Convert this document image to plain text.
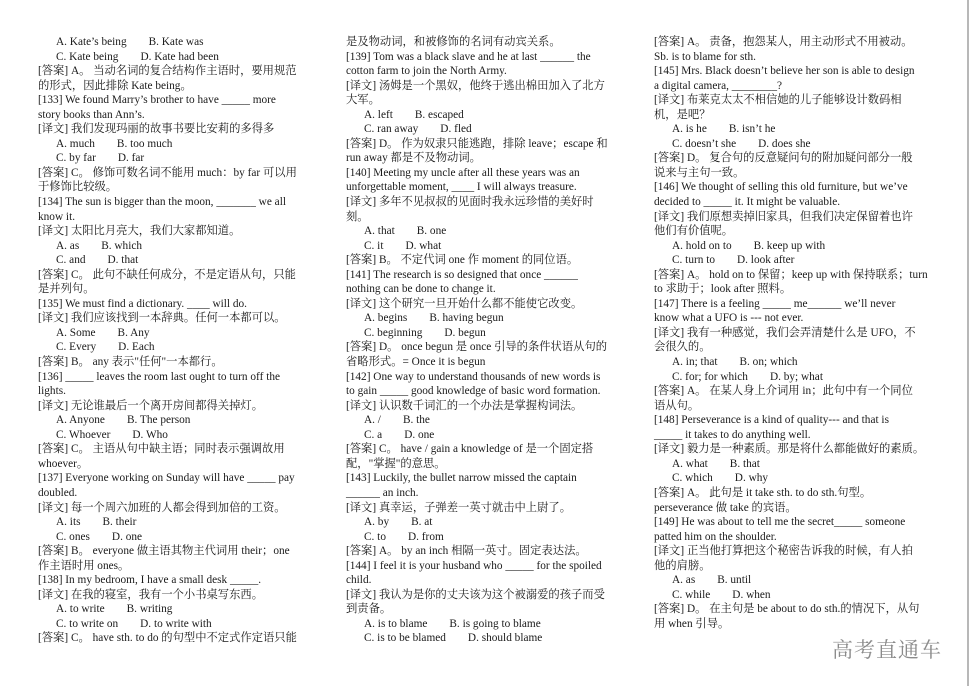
A. Kate’s being B. Kate was
C. Kate being D. Kate had been
[答案] A。 当动名词的复合结构作主语时，要用规范
的形式，因此排除 Kate being。
[133] We found Marry’s brother to have _____ more
story books than Ann’s.
[译文] 我们发现玛丽的故事书要比安莉的多得多
A. much B. too much
C. by far D. far
[答案] C。 修饰可数名词不能用 much：by far 可以用
于修饰比较级。
[134] The sun is bigger than the moon, _______ we all
know it.
[译文] 太阳比月亮大，我们大家都知道。
A. as B. which
C. and D. that
[答案] C。 此句不缺任何成分，不是定语从句，只能
是并列句。
[135] We must find a dictionary. ____ will do.
[译文] 我们应该找到一本辞典。任何一本都可以。
A. Some B. Any
C. Every D. Each
[答案] B。 any 表示"任何"一本都行。
[136] _____ leaves the room last ought to turn off the
lights.
[译文] 无论谁最后一个离开房间都得关掉灯。
A. Anyone B. The person
C. Whoever D. Who
[答案] C。 主语从句中缺主语；同时表示强调故用
whoever。
[137] Everyone working on Sunday will have _____ pay
doubled.
[译文] 每一个周六加班的人都会得到加倍的工资。
A. its B. their
C. ones D. one
[答案] B。 everyone 做主语其物主代词用 their；one
作主语时用 ones。
[138] In my bedroom, I have a small desk _____.
[译文] 在我的寝室，我有一个小书桌写东西。
A. to write B. writing
C. to write on D. to write with
[答案] C。 have sth. to do 的句型中不定式作定语只能
是及物动词，和被修饰的名词有动宾关系。
[139] Tom was a black slave and he at last ______ the
cotton farm to join the North Army.
[译文] 汤姆是一个黑奴，他终于逃出棉田加入了北方
大军。
A. left B. escaped
C. ran away D. fled
[答案] D。 作为奴隶只能逃跑，排除 leave；escape 和
run away 都是不及物动词。
[140] Meeting my uncle after all these years was an
unforgettable moment, ____ I will always treasure.
[译文] 多年不见叔叔的见面时我永远珍惜的美好时
刻。
A. that B. one
C. it D. what
[答案] B。 不定代词 one 作 moment 的同位语。
[141] The research is so designed that once ______
nothing can be done to change it.
[译文] 这个研究一旦开始什么都不能使它改变。
A. begins B. having begun
C. beginning D. begun
[答案] D。 once begun 是 once 引导的条件状语从句的
省略形式。= Once it is begun
[142] One way to understand thousands of new words is
to gain _____ good knowledge of basic word formation.
[译文] 认识数千词汇的一个办法是掌握构词法。
A. / B. the
C. a D. one
[答案] C。 have / gain a knowledge of 是一个固定搭
配，"掌握"的意思。
[143] Luckily, the bullet narrow missed the captain
______ an inch.
[译文] 真幸运，子弹差一英寸就击中上尉了。
A. by B. at
C. to D. from
[答案] A。 by an inch 相隔一英寸。固定表达法。
[144] I feel it is your husband who _____ for the spoiled
child.
[译文] 我认为是你的丈夫该为这个被溺爱的孩子而受
到责备。
A. is to blame B. is going to blame
C. is to be blamed D. should blame
[答案] A。 责备，抱怨某人，用主动形式不用被动。
Sb. is to blame for sth.
[145] Mrs. Black doesn’t believe her son is able to design
a digital camera, ________?
[译文] 布莱克太太不相信她的儿子能够设计数码相
机，是吧？
A. is he B. isn’t he
C. doesn’t she D. does she
[答案] D。 复合句的反意疑问句的附加疑问部分一般
说来与主句一致。
[146] We thought of selling this old furniture, but we’ve
decided to _____ it. It might be valuable.
[译文] 我们原想卖掉旧家具，但我们决定保留着也许
他们有价值呢。
A. hold on to B. keep up with
C. turn to D. look after
[答案] A。 hold on to 保留；keep up with 保持联系；turn
to 求助于；look after 照料。
[147] There is a feeling _____ me______ we’ll never
know what a UFO is --- not ever.
[译文] 我有一种感觉，我们会弄清楚什么是 UFO，不
会很久的。
A. in; that B. on; which
C. for; for which D. by; what
[答案] A。 在某人身上介词用 in；此句中有一个同位
语从句。
[148] Perseverance is a kind of quality--- and that is
_____ it takes to do anything well.
[译文] 毅力是一种素质。那是将什么都能做好的素质。
A. what B. that
C. which D. why
[答案] A。 此句是 it take sth. to do sth.句型。
perseverance 做 take 的宾语。
[149] He was about to tell me the secret_____ someone
patted him on the shoulder.
[译文] 正当他打算把这个秘密告诉我的时候，有人拍
他的肩膀。
A. as B. until
C. while D. when
[答案] D。 在主句是 be about to do sth.的情况下，从句
用 when 引导。
高考直通车
